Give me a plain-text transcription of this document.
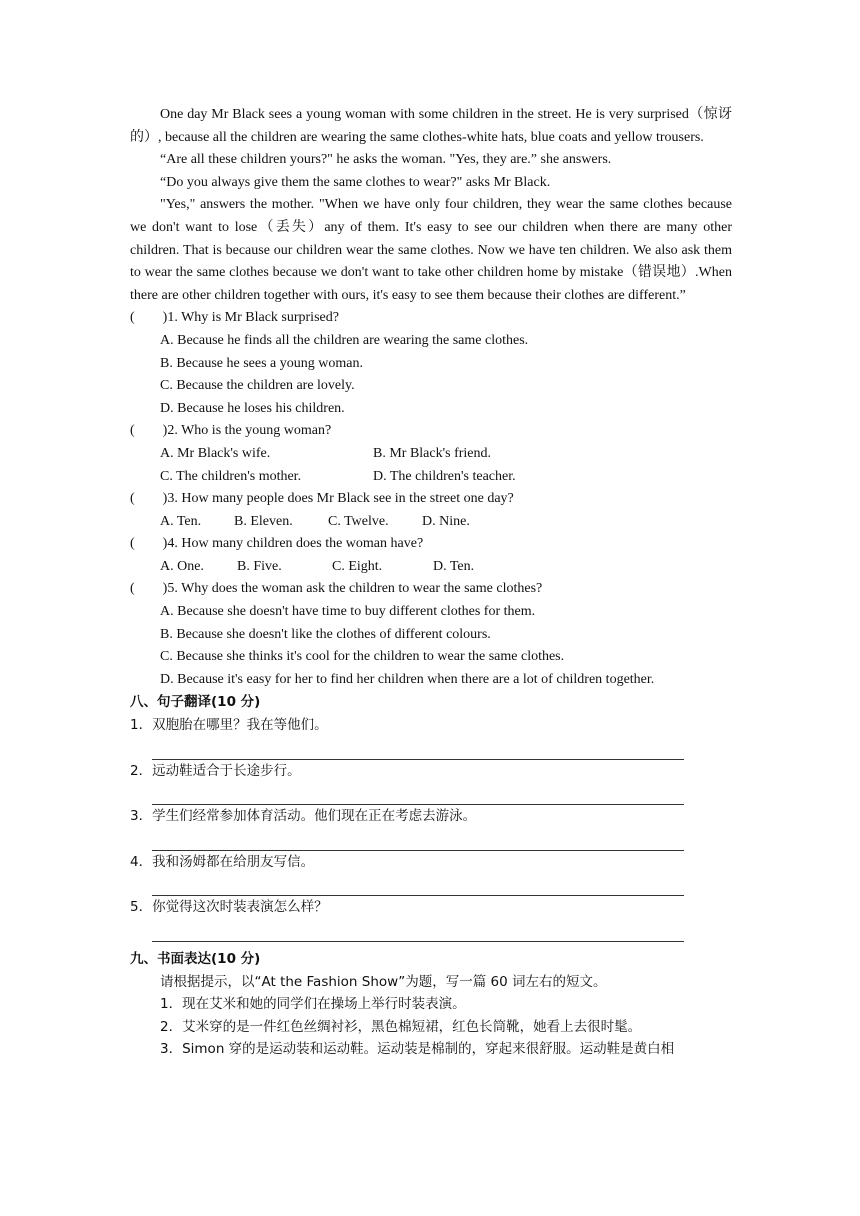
One day Mr Black sees a young woman with some children in the street. He is very surprised（惊讶的）, because all the children are wearing the same clothes-white hats, blue coats and yellow trousers.

“Are all these children yours?" he asks the woman. "Yes, they are.” she answers.

“Do you always give them the same clothes to wear?" asks Mr Black.

"Yes," answers the mother. "When we have only four children, they wear the same clothes because we don't want to lose（丢失）any of them. It's easy to see our children when there are many other children. That is because our children wear the same clothes. Now we have ten children. We also ask them to wear the same clothes because we don't want to take other children home by mistake（错误地）.When there are other children together with ours, it's easy to see them because their clothes are different.”

( )1. Why is Mr Black surprised?

A. Because he finds all the children are wearing the same clothes.

B. Because he sees a young woman.

C. Because the children are lovely.

D. Because he loses his children.

( )2. Who is the young woman?

A. Mr Black's wife.	B. Mr Black's friend.
C. The children's mother.	D. The children's teacher.

( )3. How many people does Mr Black see in the street one day?

A. Ten.	B. Eleven.	C. Twelve.	D. Nine.

( )4. How many children does the woman have?

A. One.	B. Five.	C. Eight.	D. Ten.

( )5. Why does the woman ask the children to wear the same clothes?

A. Because she doesn't have time to buy different clothes for them.

B. Because she doesn't like the clothes of different colours.

C. Because she thinks it's cool for the children to wear the same clothes.

D. Because it's easy for her to find her children when there are a lot of children together.

八、句子翻译(10 分)

1．双胞胎在哪里？我在等他们。

2．远动鞋适合于长途步行。

3．学生们经常参加体育活动。他们现在正在考虑去游泳。

4．我和汤姆都在给朋友写信。

5．你觉得这次时装表演怎么样？

九、书面表达(10 分)

请根据提示，以“At the Fashion Show”为题，写一篇 60 词左右的短文。

1．现在艾米和她的同学们在操场上举行时装表演。

2．艾米穿的是一件红色丝绸衬衫，黑色棉短裙，红色长筒靴，她看上去很时髦。

3．Simon 穿的是运动装和运动鞋。运动装是棉制的，穿起来很舒服。运动鞋是黄白相
